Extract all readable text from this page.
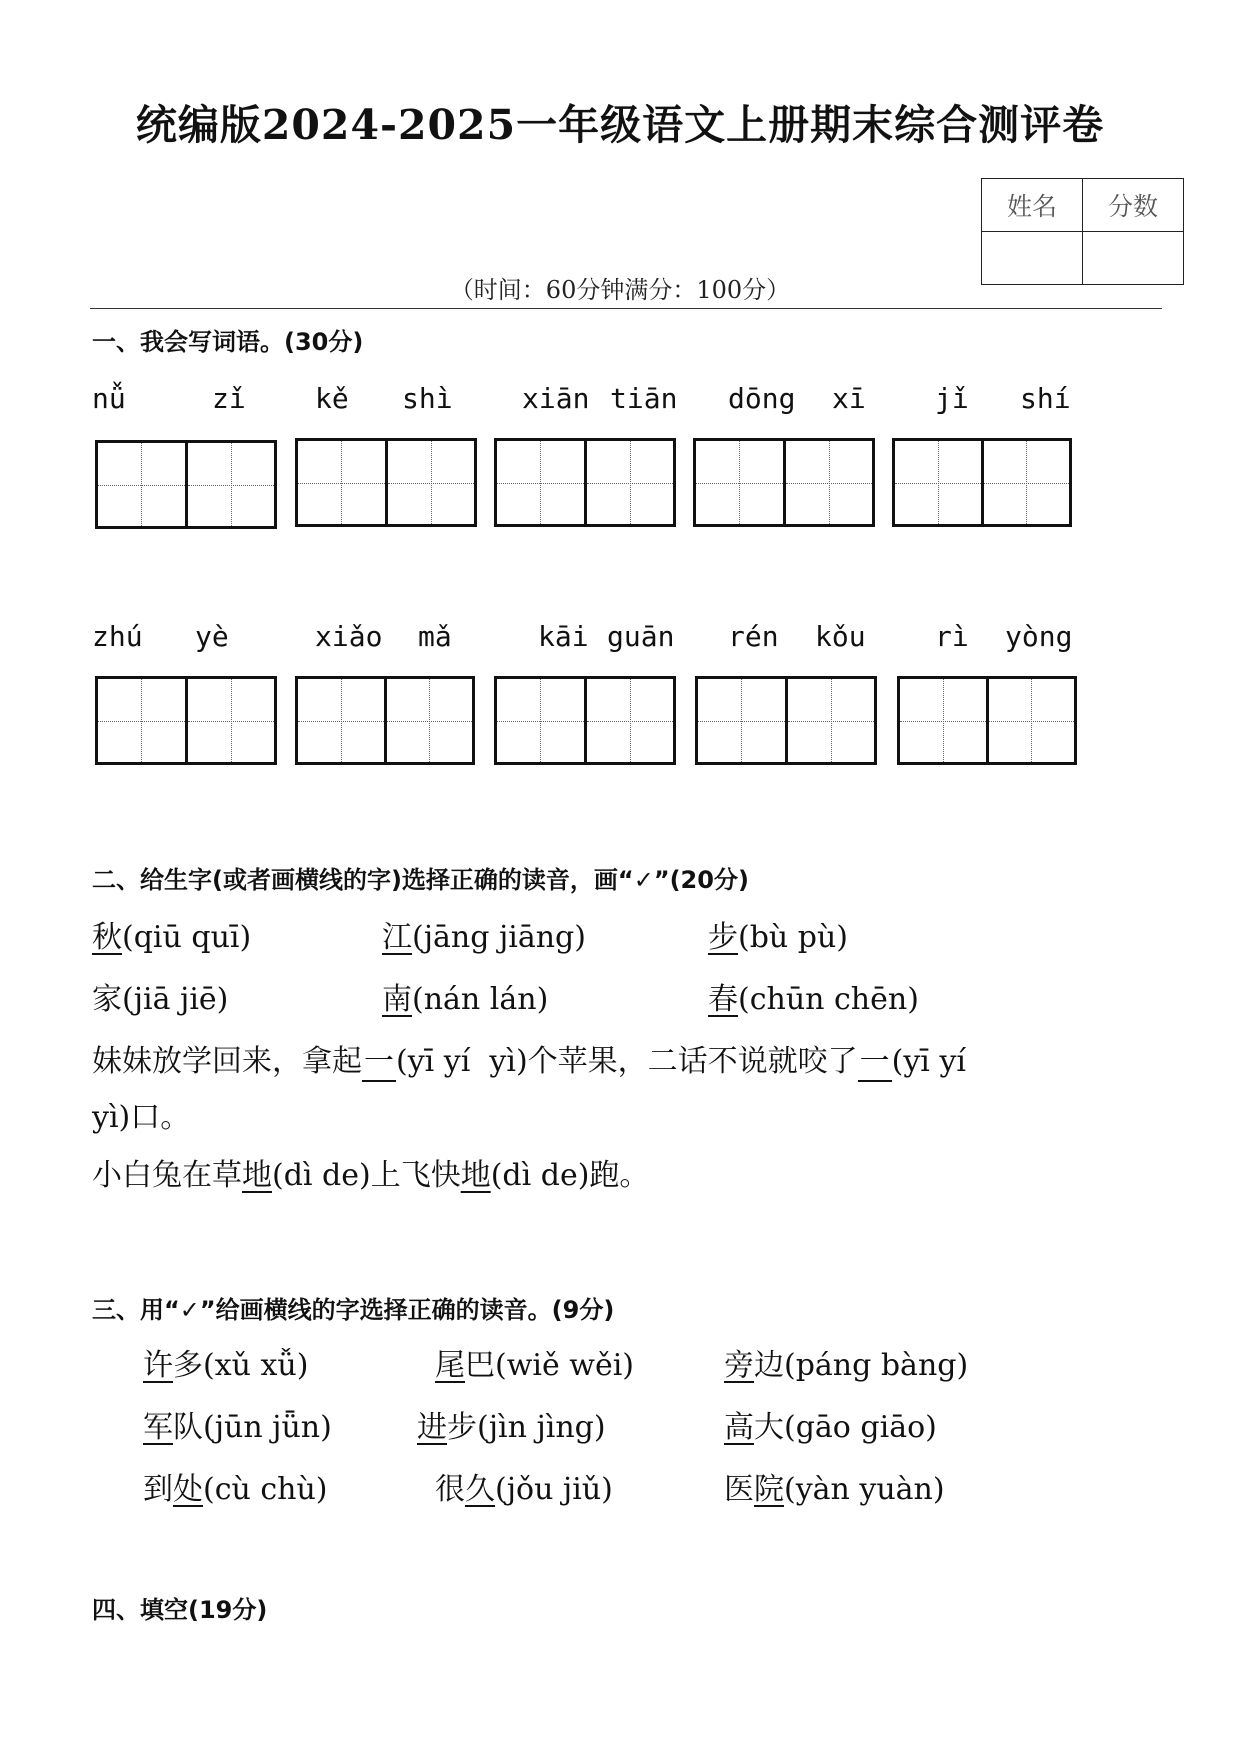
统编版2024-2025一年级语文上册期末综合测评卷
姓名	分数

（时间：60分钟满分：100分）
一、我会写词语。(30分)
nǚ	zǐ kě shì xiān tiān dōng xī jǐ shí
zhú yè	xiǎo mǎ	kāi guān rén kǒu rì yòng
二、给生字(或者画横线的字)选择正确的读音，画“✓”(20分)
秋(qiū quī)	江(jāng jiāng)	步(bù pù)
家(jiā jiē)	南(nán lán)	春(chūn chēn)
妹妹放学回来，拿起一(yī yí  yì)个苹果，二话不说就咬了一(yī yí
yì)口。
小白兔在草地(dì de)上飞快地(dì de)跑。
三、用“✓”给画横线的字选择正确的读音。(9分)
许多(xǔ xǚ)	尾巴(wiě wěi)	旁边(páng bàng)
军队(jūn jǖn)	进步(jìn jìng)	高大(gāo giāo)
到处(cù chù)	很久(jǒu jiǔ)	医院(yàn yuàn)
四、填空(19分)
